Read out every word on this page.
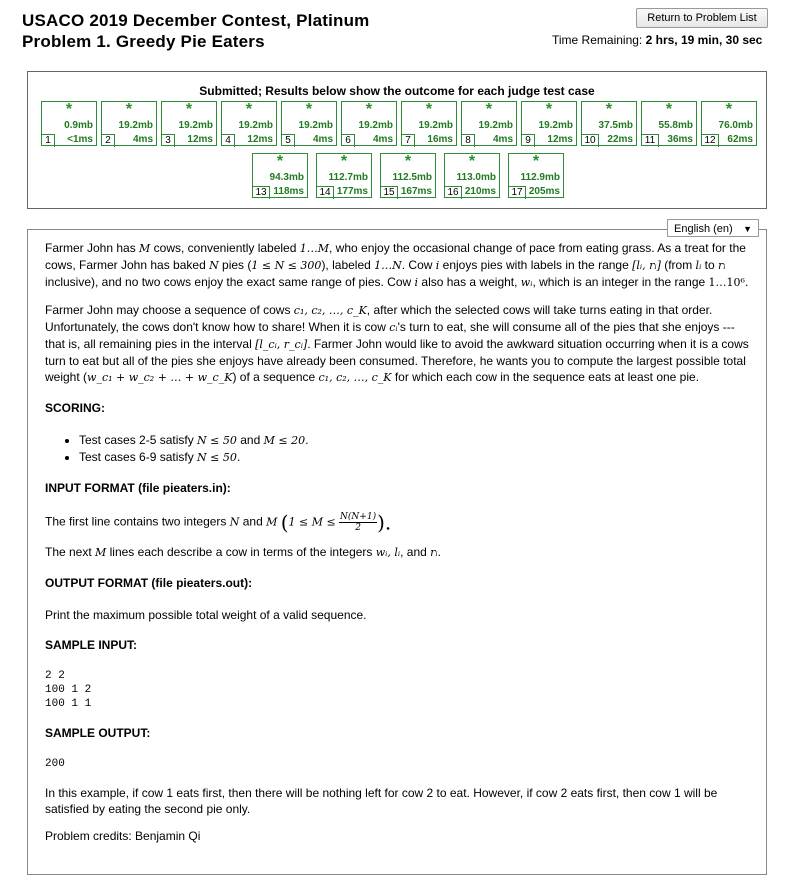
USACO 2019 December Contest, Platinum
Problem 1. Greedy Pie Eaters
Return to Problem List
Time Remaining: 2 hrs, 19 min, 30 sec
Submitted; Results below show the outcome for each judge test case
*
0.9mb
1	<1ms
*
19.2mb
2	4ms
*
19.2mb
3	12ms
*
19.2mb
4	12ms
*
19.2mb
5	4ms
*
19.2mb
6	4ms
*
19.2mb
7	16ms
*
19.2mb
8	4ms
*
19.2mb
9	12ms
*
37.5mb
10	22ms
*
55.8mb
11	36ms
*
76.0mb
12	62ms
*
94.3mb
13 118ms
*
112.7mb
14 177ms
*
112.5mb
15 167ms
*
113.0mb
16 210ms
*
112.9mb
17 205ms
English (en) ▼

Farmer John has M cows, conveniently labeled 1…M, who enjoy the occasional change of pace from eating grass. As a treat for the cows, Farmer John has baked N pies (1 ≤ N ≤ 300), labeled 1…N. Cow i enjoys pies with labels in the range [lᵢ, rᵢ] (from lᵢ to rᵢ inclusive), and no two cows enjoy the exact same range of pies. Cow i also has a weight, wᵢ, which is an integer in the range 1…10⁶.

Farmer John may choose a sequence of cows c₁, c₂, …, c_K, after which the selected cows will take turns eating in that order. Unfortunately, the cows don't know how to share! When it is cow cᵢ's turn to eat, she will consume all of the pies that she enjoys --- that is, all remaining pies in the interval [l_cᵢ, r_cᵢ]. Farmer John would like to avoid the awkward situation occurring when it is a cows turn to eat but all of the pies she enjoys have already been consumed. Therefore, he wants you to compute the largest possible total weight (w_c₁ + w_c₂ + … + w_c_K) of a sequence c₁, c₂, …, c_K for which each cow in the sequence eats at least one pie.

SCORING:
• Test cases 2-5 satisfy N ≤ 50 and M ≤ 20.
• Test cases 6-9 satisfy N ≤ 50.
INPUT FORMAT (file pieaters.in):

The first line contains two integers N and M ($1 \le M \le \frac{N(N+1)}{2}$ ).

The next M lines each describe a cow in terms of the integers wᵢ, lᵢ, and rᵢ.

OUTPUT FORMAT (file pieaters.out):

Print the maximum possible total weight of a valid sequence.

SAMPLE INPUT:
2 2
100 1 2
100 1 1
SAMPLE OUTPUT:
200

In this example, if cow 1 eats first, then there will be nothing left for cow 2 to eat. However, if cow 2 eats first, then cow 1 will be satisfied by eating the second pie only.

Problem credits: Benjamin Qi
